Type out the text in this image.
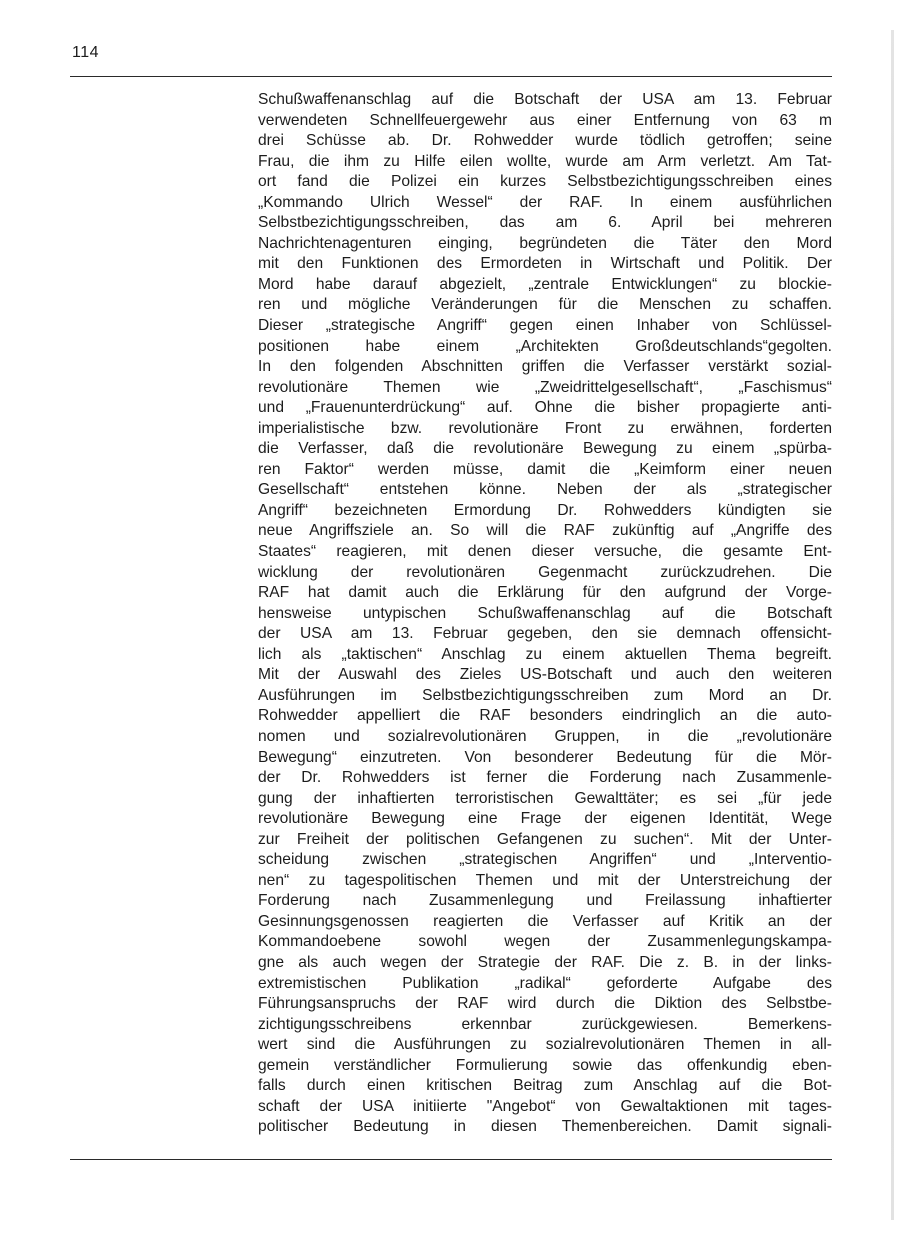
114
Schußwaffenanschlag auf die Botschaft der USA am 13. Februar
verwendeten Schnellfeuergewehr aus einer Entfernung von 63 m
drei Schüsse ab. Dr. Rohwedder wurde tödlich getroffen; seine
Frau, die ihm zu Hilfe eilen wollte, wurde am Arm verletzt. Am Tat-
ort fand die Polizei ein kurzes Selbstbezichtigungsschreiben eines
„Kommando Ulrich Wessel“ der RAF. In einem ausführlichen
Selbstbezichtigungsschreiben, das am 6. April bei mehreren
Nachrichtenagenturen einging, begründeten die Täter den Mord
mit den Funktionen des Ermordeten in Wirtschaft und Politik. Der
Mord habe darauf abgezielt, „zentrale Entwicklungen“ zu blockie-
ren und mögliche Veränderungen für die Menschen zu schaffen.
Dieser „strategische Angriff“ gegen einen Inhaber von Schlüssel-
positionen habe einem „Architekten Großdeutschlands“gegolten.
In den folgenden Abschnitten griffen die Verfasser verstärkt sozial-
revolutionäre Themen wie „Zweidrittelgesellschaft“, „Faschismus“
und „Frauenunterdrückung“ auf. Ohne die bisher propagierte anti-
imperialistische bzw. revolutionäre Front zu erwähnen, forderten
die Verfasser, daß die revolutionäre Bewegung zu einem „spürba-
ren Faktor“ werden müsse, damit die „Keimform einer neuen
Gesellschaft“ entstehen könne. Neben der als „strategischer
Angriff“ bezeichneten Ermordung Dr. Rohwedders kündigten sie
neue Angriffsziele an. So will die RAF zukünftig auf „Angriffe des
Staates“ reagieren, mit denen dieser versuche, die gesamte Ent-
wicklung der revolutionären Gegenmacht zurückzudrehen. Die
RAF hat damit auch die Erklärung für den aufgrund der Vorge-
hensweise untypischen Schußwaffenanschlag auf die Botschaft
der USA am 13. Februar gegeben, den sie demnach offensicht-
lich als „taktischen“ Anschlag zu einem aktuellen Thema begreift.
Mit der Auswahl des Zieles US-Botschaft und auch den weiteren
Ausführungen im Selbstbezichtigungsschreiben zum Mord an Dr.
Rohwedder appelliert die RAF besonders eindringlich an die auto-
nomen und sozialrevolutionären Gruppen, in die „revolutionäre
Bewegung“ einzutreten. Von besonderer Bedeutung für die Mör-
der Dr. Rohwedders ist ferner die Forderung nach Zusammenle-
gung der inhaftierten terroristischen Gewalttäter; es sei „für jede
revolutionäre Bewegung eine Frage der eigenen Identität, Wege
zur Freiheit der politischen Gefangenen zu suchen“. Mit der Unter-
scheidung zwischen „strategischen Angriffen“ und „Interventio-
nen“ zu tagespolitischen Themen und mit der Unterstreichung der
Forderung nach Zusammenlegung und Freilassung inhaftierter
Gesinnungsgenossen reagierten die Verfasser auf Kritik an der
Kommandoebene sowohl wegen der Zusammenlegungskampa-
gne als auch wegen der Strategie der RAF. Die z. B. in der links-
extremistischen Publikation „radikal“ geforderte Aufgabe des
Führungsanspruchs der RAF wird durch die Diktion des Selbstbe-
zichtigungsschreibens erkennbar zurückgewiesen. Bemerkens-
wert sind die Ausführungen zu sozialrevolutionären Themen in all-
gemein verständlicher Formulierung sowie das offenkundig eben-
falls durch einen kritischen Beitrag zum Anschlag auf die Bot-
schaft der USA initiierte "Angebot“ von Gewaltaktionen mit tages-
politischer Bedeutung in diesen Themenbereichen. Damit signali-
